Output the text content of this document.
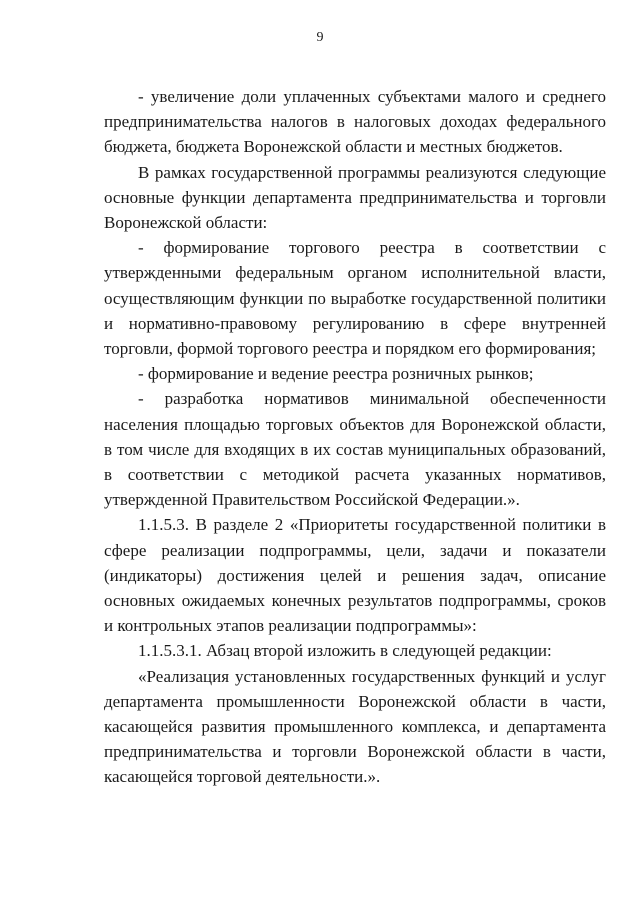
9

- увеличение доли уплаченных субъектами малого и среднего предпринимательства налогов в налоговых доходах федерального бюджета, бюджета Воронежской области и местных бюджетов.

В рамках государственной программы реализуются следующие основные функции департамента предпринимательства и торговли Воронежской области:

- формирование торгового реестра в соответствии с утвержденными федеральным органом исполнительной власти, осуществляющим функции по выработке государственной политики и нормативно-правовому регулированию в сфере внутренней торговли, формой торгового реестра и порядком его формирования;

- формирование и ведение реестра розничных рынков;

- разработка нормативов минимальной обеспеченности населения площадью торговых объектов для Воронежской области, в том числе для входящих в их состав муниципальных образований, в соответствии с методикой расчета указанных нормативов, утвержденной Правительством Российской Федерации.».

1.1.5.3. В разделе 2 «Приоритеты государственной политики в сфере реализации подпрограммы, цели, задачи и показатели (индикаторы) достижения целей и решения задач, описание основных ожидаемых конечных результатов подпрограммы, сроков и контрольных этапов реализации подпрограммы»:

1.1.5.3.1. Абзац второй изложить в следующей редакции:

«Реализация установленных государственных функций и услуг департамента промышленности Воронежской области в части, касающейся развития промышленного комплекса, и департамента предпринимательства и торговли Воронежской области в части, касающейся торговой деятельности.».
